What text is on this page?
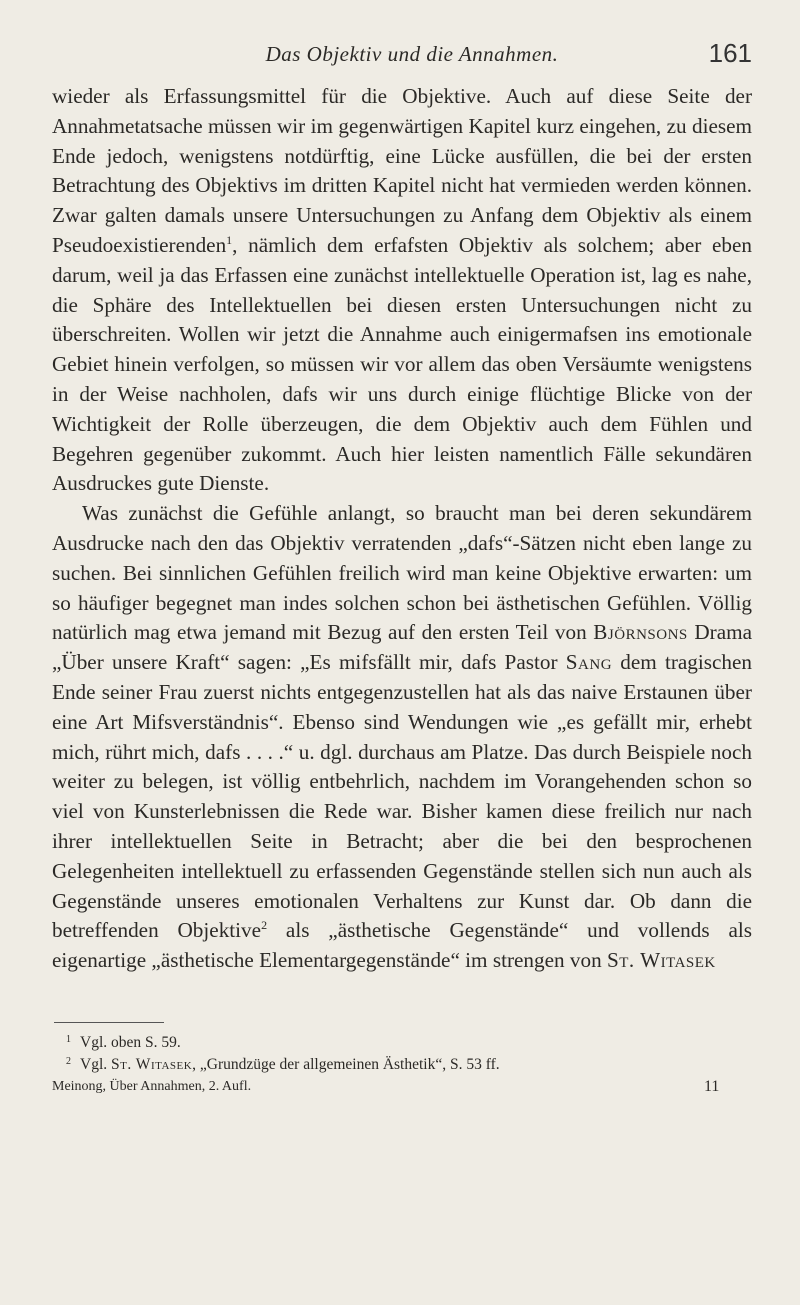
Das Objektiv und die Annahmen.	161

wieder als Erfassungsmittel für die Objektive. Auch auf diese Seite der Annahmetatsache müssen wir im gegenwärtigen Kapitel kurz eingehen, zu diesem Ende jedoch, wenigstens notdürftig, eine Lücke ausfüllen, die bei der ersten Betrachtung des Objektivs im dritten Kapitel nicht hat vermieden werden können. Zwar galten damals unsere Untersuchungen zu Anfang dem Objektiv als einem Pseudoexistierenden$^1$, nämlich dem erfafsten Objektiv als solchem; aber eben darum, weil ja das Erfassen eine zunächst intellektuelle Operation ist, lag es nahe, die Sphäre des Intellektuellen bei diesen ersten Untersuchungen nicht zu überschreiten. Wollen wir jetzt die Annahme auch einigermafsen ins emotionale Gebiet hinein verfolgen, so müssen wir vor allem das oben Versäumte wenigstens in der Weise nachholen, dafs wir uns durch einige flüchtige Blicke von der Wichtigkeit der Rolle überzeugen, die dem Objektiv auch dem Fühlen und Begehren gegenüber zukommt. Auch hier leisten namentlich Fälle sekundären Ausdruckes gute Dienste.

Was zunächst die Gefühle anlangt, so braucht man bei deren sekundärem Ausdrucke nach den das Objektiv verratenden „dafs“-Sätzen nicht eben lange zu suchen. Bei sinnlichen Gefühlen freilich wird man keine Objektive erwarten: um so häufiger begegnet man indes solchen schon bei ästhetischen Gefühlen. Völlig natürlich mag etwa jemand mit Bezug auf den ersten Teil von Björnsons Drama „Über unsere Kraft“ sagen: „Es mifsfällt mir, dafs Pastor Sang dem tragischen Ende seiner Frau zuerst nichts entgegenzustellen hat als das naive Erstaunen über eine Art Mifsverständnis“. Ebenso sind Wendungen wie „es gefällt mir, erhebt mich, rührt mich, dafs . . . .“ u. dgl. durchaus am Platze. Das durch Beispiele noch weiter zu belegen, ist völlig entbehrlich, nachdem im Vorangehenden schon so viel von Kunsterlebnissen die Rede war. Bisher kamen diese freilich nur nach ihrer intellektuellen Seite in Betracht; aber die bei den besprochenen Gelegenheiten intellektuell zu erfassenden Gegenstände stellen sich nun auch als Gegenstände unseres emotionalen Verhaltens zur Kunst dar. Ob dann die betreffenden Objektive$^2$ als „ästhetische Gegenstände“ und vollends als eigenartige „ästhetische Elementargegenstände“ im strengen von St. Witasek

1 Vgl. oben S. 59.
2 Vgl. St. Witasek, „Grundzüge der allgemeinen Ästhetik“, S. 53 ff.
Meinong, Über Annahmen, 2. Aufl.	11
